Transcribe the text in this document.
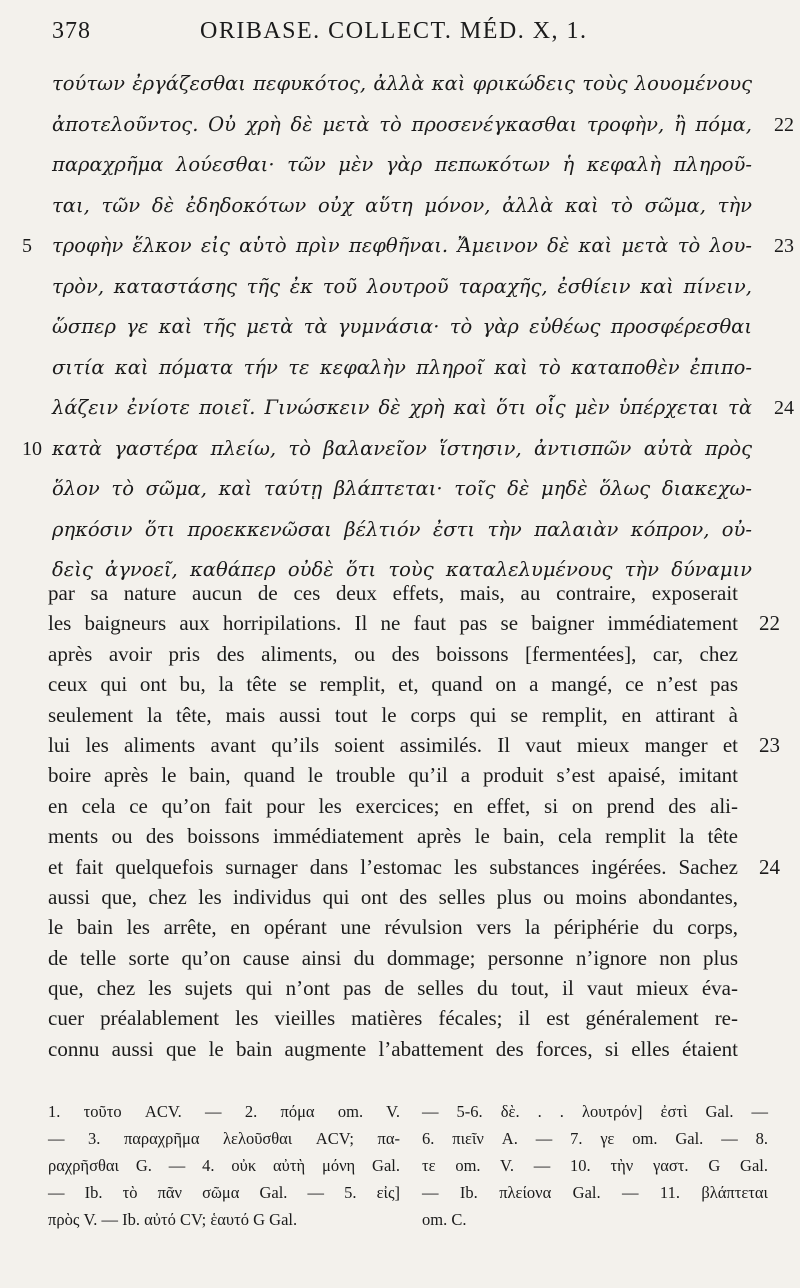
378	ORIBASE. COLLECT. MÉD. X, 1.
τούτων ἐργάζεσθαι πεφυκότος, ἀλλὰ καὶ φρικώδεις τοὺς λουομένους
ἀποτελοῦντος. Οὐ χρὴ δὲ μετὰ τὸ προσενέγκασθαι τροφὴν, ἢ πόμα, 22
παραχρῆμα λούεσθαι· τῶν μὲν γὰρ πεπωκότων ἡ κεφαλὴ πληροῦ-
ται, τῶν δὲ ἐδηδοκότων οὐχ αὕτη μόνον, ἀλλὰ καὶ τὸ σῶμα, τὴν
τροφὴν ἕλκον εἰς αὑτὸ πρὶν πεφθῆναι. Ἄμεινον δὲ καὶ μετὰ τὸ λου-
5	23
τρὸν, καταστάσης τῆς ἐκ τοῦ λουτροῦ ταραχῆς, ἐσθίειν καὶ πίνειν,
ὥσπερ γε καὶ τῆς μετὰ τὰ γυμνάσια· τὸ γὰρ εὐθέως προσφέρεσθαι
σιτία καὶ πόματα τήν τε κεφαλὴν πληροῖ καὶ τὸ καταποθὲν ἐπιπο-
λάζειν ἐνίοτε ποιεῖ. Γινώσκειν δὲ χρὴ καὶ ὅτι οἷς μὲν ὑπέρχεται τὰ 24
κατὰ γαστέρα πλείω, τὸ βαλανεῖον ἵστησιν, ἀντισπῶν αὐτὰ πρὸς
10
ὅλον τὸ σῶμα, καὶ ταύτῃ βλάπτεται· τοῖς δὲ μηδὲ ὅλως διακεχω-
ρηκόσιν ὅτι προεκκενῶσαι βέλτιόν ἐστι τὴν παλαιὰν κόπρον, οὐ-
δεὶς ἀγνοεῖ, καθάπερ οὐδὲ ὅτι τοὺς καταλελυμένους τὴν δύναμιν
par sa nature aucun de ces deux effets, mais, au contraire, exposerait
les baigneurs aux horripilations. Il ne faut pas se baigner immédiatement 22
après avoir pris des aliments, ou des boissons [fermentées], car, chez
ceux qui ont bu, la tête se remplit, et, quand on a mangé, ce n’est pas
seulement la tête, mais aussi tout le corps qui se remplit, en attirant à
lui les aliments avant qu’ils soient assimilés. Il vaut mieux manger et 23
boire après le bain, quand le trouble qu’il a produit s’est apaisé, imitant
en cela ce qu’on fait pour les exercices; en effet, si on prend des ali-
ments ou des boissons immédiatement après le bain, cela remplit la tête
et fait quelquefois surnager dans l’estomac les substances ingérées. Sachez 24
aussi que, chez les individus qui ont des selles plus ou moins abondantes,
le bain les arrête, en opérant une révulsion vers la périphérie du corps,
de telle sorte qu’on cause ainsi du dommage; personne n’ignore non plus
que, chez les sujets qui n’ont pas de selles du tout, il vaut mieux éva-
cuer préalablement les vieilles matières fécales; il est généralement re-
connu aussi que le bain augmente l’abattement des forces, si elles étaient
1. τοῦτο ACV. — 2. πόμα om. V.
— 3. παραχρῆμα λελοῦσθαι ACV; πα-
ραχρῆσθαι G. — 4. οὐκ αὐτὴ μόνη Gal.
— Ib. τὸ πᾶν σῶμα Gal. — 5. εἰς]
πρὸς V. — Ib. αὐτό CV; ἑαυτό G Gal.
— 5-6. δὲ. . . λουτρόν] ἐστὶ Gal. —
6. πιεῖν A. — 7. γε om. Gal. — 8.
τε om. V. — 10. τὴν γαστ. G Gal.
— Ib. πλείονα Gal. — 11. βλάπτεται
om. C.
